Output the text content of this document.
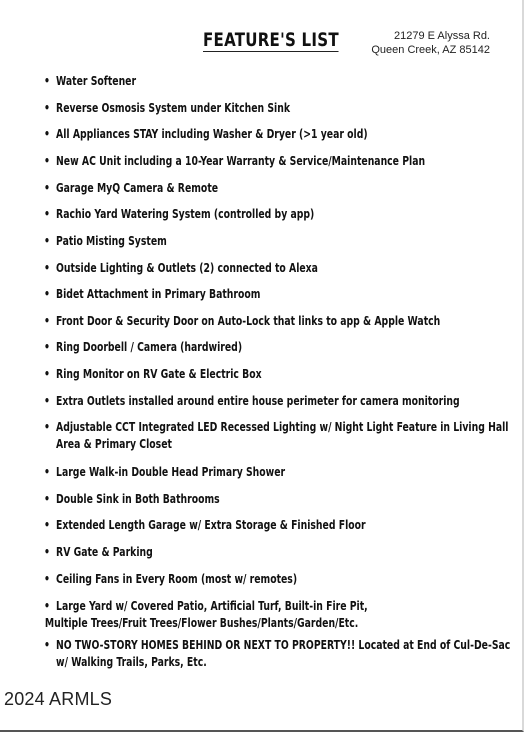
FEATURE'S LIST	21279 E Alyssa Rd.
Queen Creek, AZ 85142
• Water Softener
• Reverse Osmosis System under Kitchen Sink
• All Appliances STAY including Washer & Dryer (>1 year old)
• New AC Unit including a 10-Year Warranty & Service/Maintenance Plan
• Garage MyQ Camera & Remote
• Rachio Yard Watering System (controlled by app)
• Patio Misting System
• Outside Lighting & Outlets (2) connected to Alexa
• Bidet Attachment in Primary Bathroom
• Front Door & Security Door on Auto-Lock that links to app & Apple Watch
• Ring Doorbell / Camera (hardwired)
• Ring Monitor on RV Gate & Electric Box
• Extra Outlets installed around entire house perimeter for camera monitoring
• Adjustable CCT Integrated LED Recessed Lighting w/ Night Light Feature in Living Hall
Area & Primary Closet
• Large Walk-in Double Head Primary Shower
• Double Sink in Both Bathrooms
• Extended Length Garage w/ Extra Storage & Finished Floor
• RV Gate & Parking
• Ceiling Fans in Every Room (most w/ remotes)
• Large Yard w/ Covered Patio, Artificial Turf, Built-in Fire Pit,
Multiple Trees/Fruit Trees/Flower Bushes/Plants/Garden/Etc.
• NO TWO-STORY HOMES BEHIND OR NEXT TO PROPERTY!! Located at End of Cul-De-Sac
w/ Walking Trails, Parks, Etc.
2024 ARMLS
